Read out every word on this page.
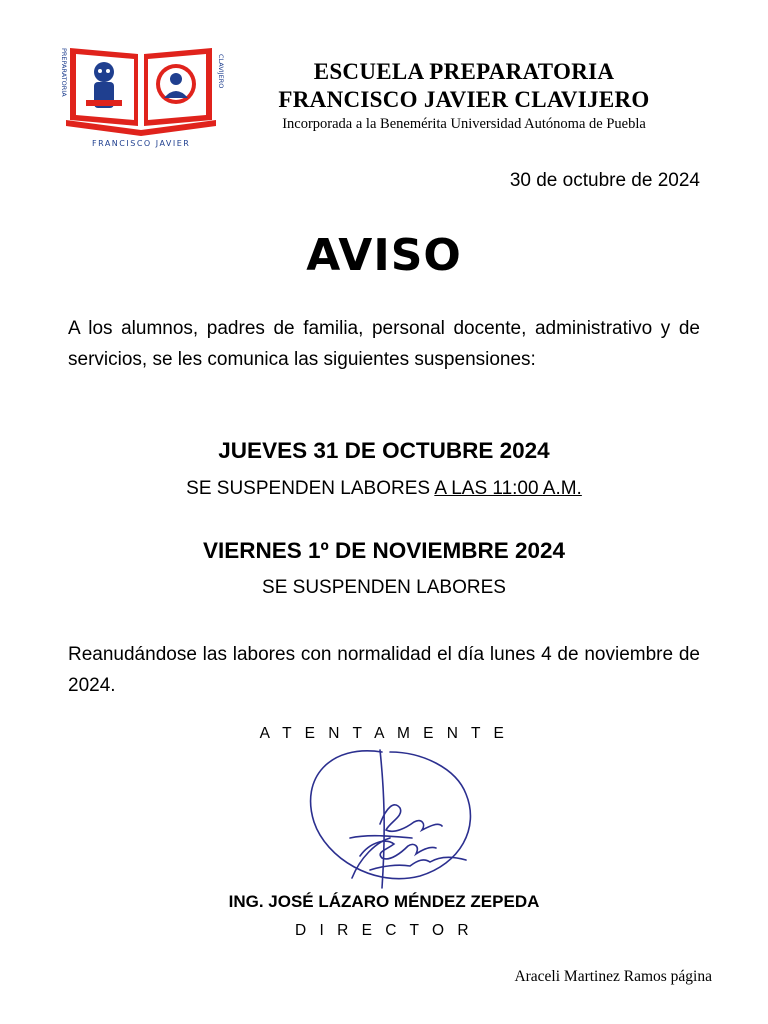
PREPARATORIA
FRANCISCO JAVIER
CLAVIJERO	ESCUELA PREPARATORIA
FRANCISCO JAVIER CLAVIJERO
Incorporada a la Benemérita Universidad Autónoma de Puebla
30 de octubre de 2024
AVISO
A los alumnos, padres de familia, personal docente, administrativo y de servicios, se les comunica las siguientes suspensiones:
JUEVES 31 DE OCTUBRE 2024
SE SUSPENDEN LABORES A LAS 11:00 A.M.
VIERNES 1º DE NOVIEMBRE 2024
SE SUSPENDEN LABORES
Reanudándose las labores con normalidad el día lunes 4 de noviembre de 2024.
A T E N T A M E N T E
ING. JOSÉ LÁZARO MÉNDEZ ZEPEDA
D I R E C T O R
Araceli Martinez Ramos página
